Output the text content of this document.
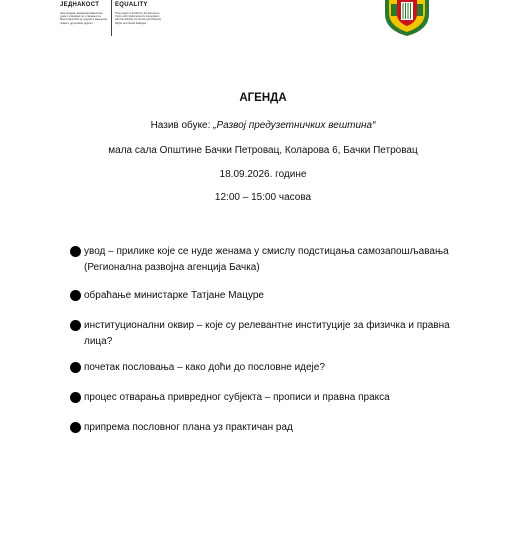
ЈЕДНАКОСТ	EQUALITY
Овај пројекат финансира Европска унија и спроводи се у сарадњи са Министарством за људска и мањинска права и друштвени дијалог
This project is funded by the European Union and implemented in cooperation with the Ministry for Human and Minority Rights and Social Dialogue
АГЕНДА
Назив обуке: „Развој предузетничких вештина“
мала сала Општине Бачки Петровац, Коларова 6, Бачки Петровац
18.09.2026. године
12:00 – 15:00 часова
увод – прилике које се нуде женама у смислу подстицања самозапошљавања
(Регионална развојна агенција Бачка)
обраћање министарке Татјане Мацуре
институционални оквир – које су релевантне институције за физичка и правна
лица?
почетак пословања – како доћи до пословне идеје?
процес отварања привредног субјекта – прописи и правна пракса
припрема пословног плана уз практичан рад
